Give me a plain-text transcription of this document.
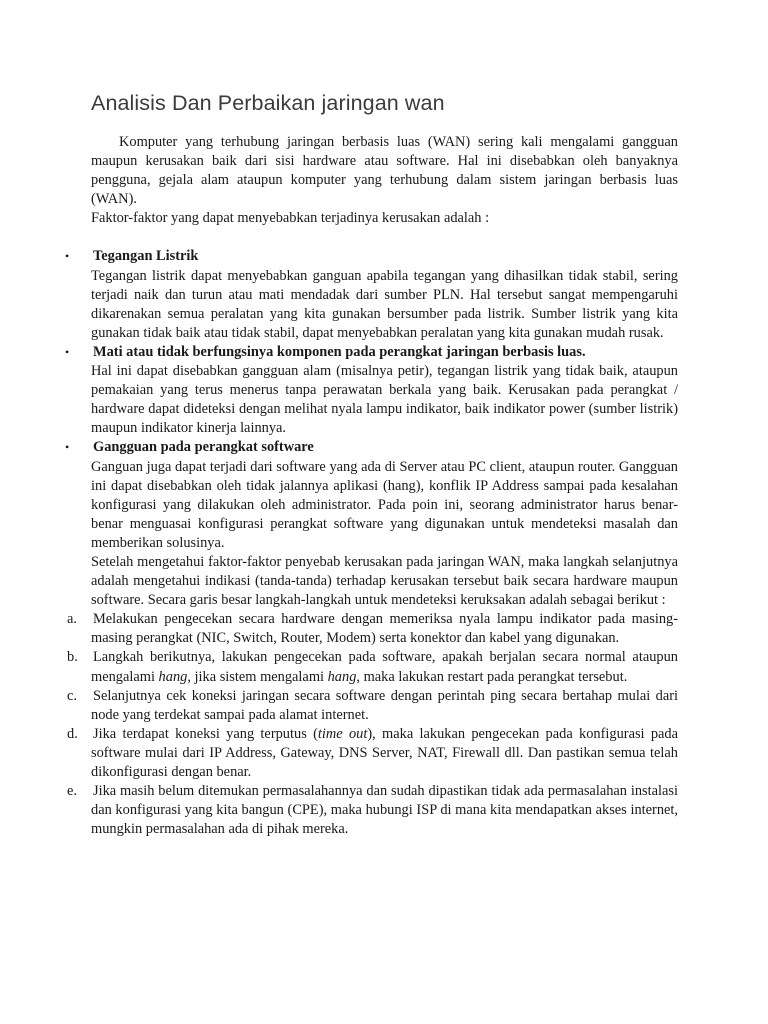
Analisis Dan Perbaikan jaringan wan

Komputer yang terhubung jaringan berbasis luas (WAN) sering kali mengalami gangguan maupun kerusakan baik dari sisi hardware atau software. Hal ini disebabkan oleh banyaknya pengguna, gejala alam ataupun komputer yang terhubung dalam sistem jaringan berbasis luas (WAN).

Faktor-faktor yang dapat menyebabkan terjadinya kerusakan adalah :

• Tegangan Listrik

Tegangan listrik dapat menyebabkan ganguan apabila tegangan yang dihasilkan tidak stabil, sering terjadi naik dan turun atau mati mendadak dari sumber PLN. Hal tersebut sangat mempengaruhi dikarenakan semua peralatan yang kita gunakan bersumber pada listrik. Sumber listrik yang kita gunakan tidak baik atau tidak stabil, dapat menyebabkan peralatan yang kita gunakan mudah rusak.

• Mati atau tidak berfungsinya komponen pada perangkat jaringan berbasis luas.

Hal ini dapat disebabkan gangguan alam (misalnya petir), tegangan listrik yang tidak baik, ataupun pemakaian yang terus menerus tanpa perawatan berkala yang baik. Kerusakan pada perangkat / hardware dapat dideteksi dengan melihat nyala lampu indikator, baik indikator power (sumber listrik) maupun indikator kinerja lainnya.

• Gangguan pada perangkat software

Ganguan juga dapat terjadi dari software yang ada di Server atau PC client, ataupun router. Gangguan ini dapat disebabkan oleh tidak jalannya aplikasi (hang), konflik IP Address sampai pada kesalahan konfigurasi yang dilakukan oleh administrator. Pada poin ini, seorang administrator harus benar-benar menguasai konfigurasi perangkat software yang digunakan untuk mendeteksi masalah dan memberikan solusinya.

Setelah mengetahui faktor-faktor penyebab kerusakan pada jaringan WAN, maka langkah selanjutnya adalah mengetahui indikasi (tanda-tanda) terhadap kerusakan tersebut baik secara hardware maupun software. Secara garis besar langkah-langkah untuk mendeteksi keruksakan adalah sebagai berikut :

a. Melakukan pengecekan secara hardware dengan memeriksa nyala lampu indikator pada masing-masing perangkat (NIC, Switch, Router, Modem) serta konektor dan kabel yang digunakan.

b. Langkah berikutnya, lakukan pengecekan pada software, apakah berjalan secara normal ataupun mengalami hang, jika sistem mengalami hang, maka lakukan restart pada perangkat tersebut.

c. Selanjutnya cek koneksi jaringan secara software dengan perintah ping secara bertahap mulai dari node yang terdekat sampai pada alamat internet.

d. Jika terdapat koneksi yang terputus (time out), maka lakukan pengecekan pada konfigurasi pada software mulai dari IP Address, Gateway, DNS Server, NAT, Firewall dll. Dan pastikan semua telah dikonfigurasi dengan benar.

e. Jika masih belum ditemukan permasalahannya dan sudah dipastikan tidak ada permasalahan instalasi dan konfigurasi yang kita bangun (CPE), maka hubungi ISP di mana kita mendapatkan akses internet, mungkin permasalahan ada di pihak mereka.
